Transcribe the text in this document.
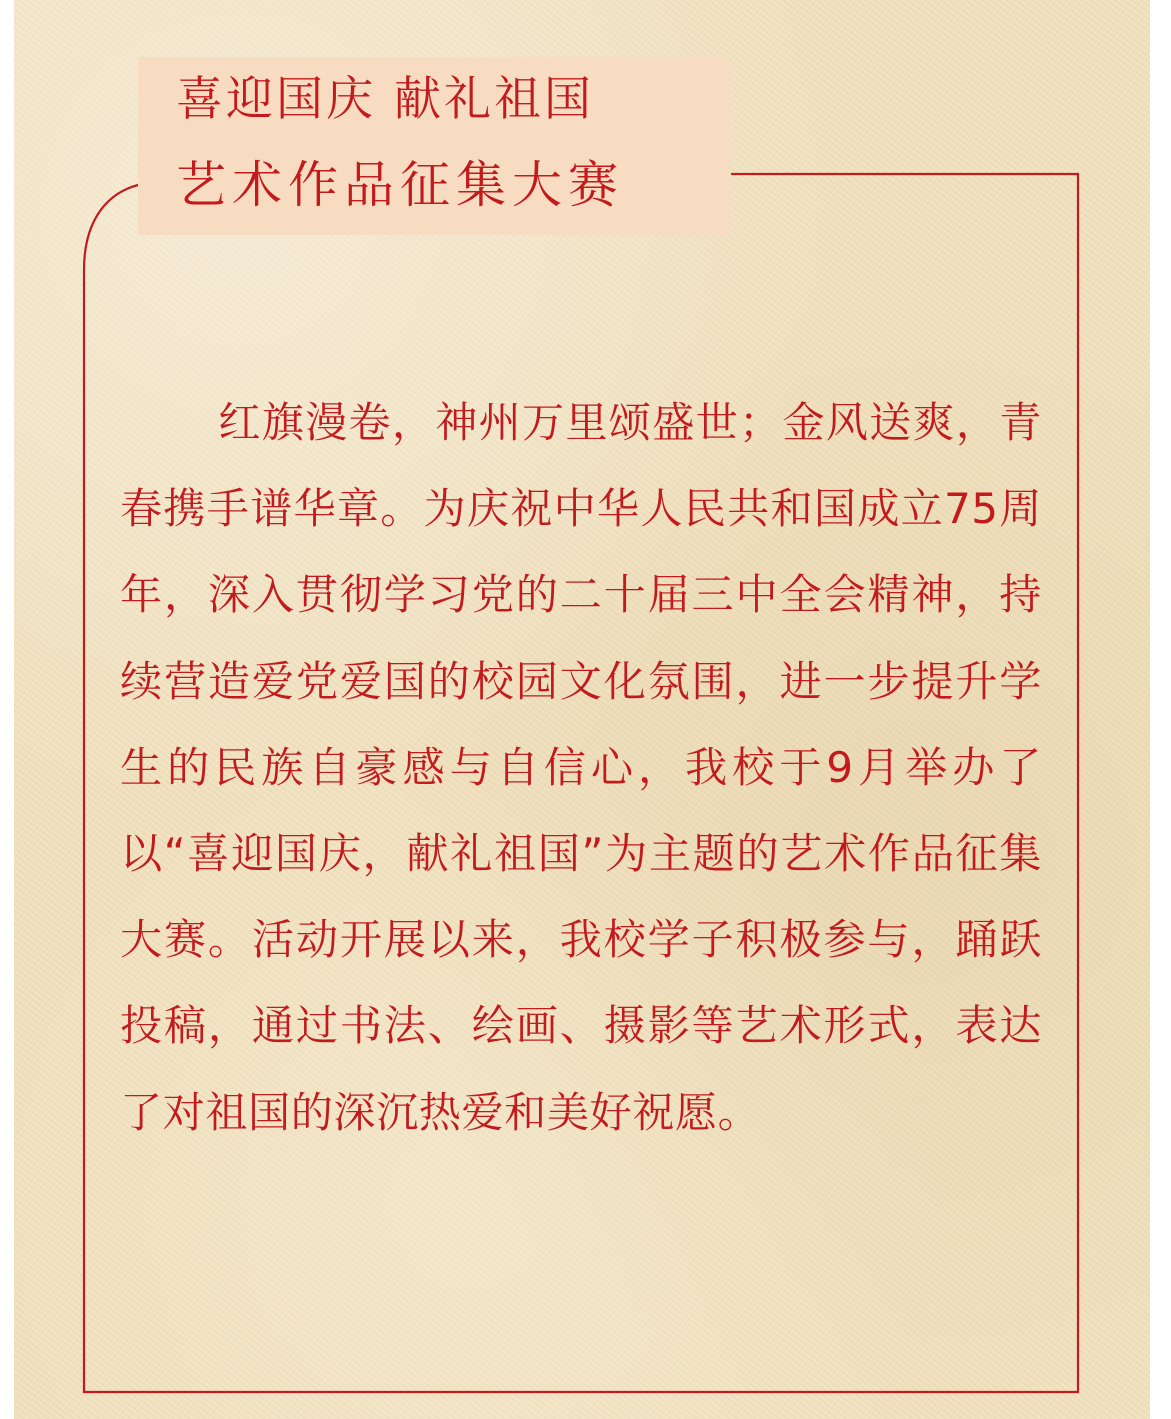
喜迎国庆 献礼祖国
艺术作品征集大赛

红旗漫卷，神州万里颂盛世；金风送爽，青春携手谱华章。为庆祝中华人民共和国成立75周年，深入贯彻学习党的二十届三中全会精神，持续营造爱党爱国的校园文化氛围，进一步提升学生的民族自豪感与自信心，我校于9月举办了以“喜迎国庆，献礼祖国”为主题的艺术作品征集大赛。活动开展以来，我校学子积极参与，踊跃投稿，通过书法、绘画、摄影等艺术形式，表达了对祖国的深沉热爱和美好祝愿。
